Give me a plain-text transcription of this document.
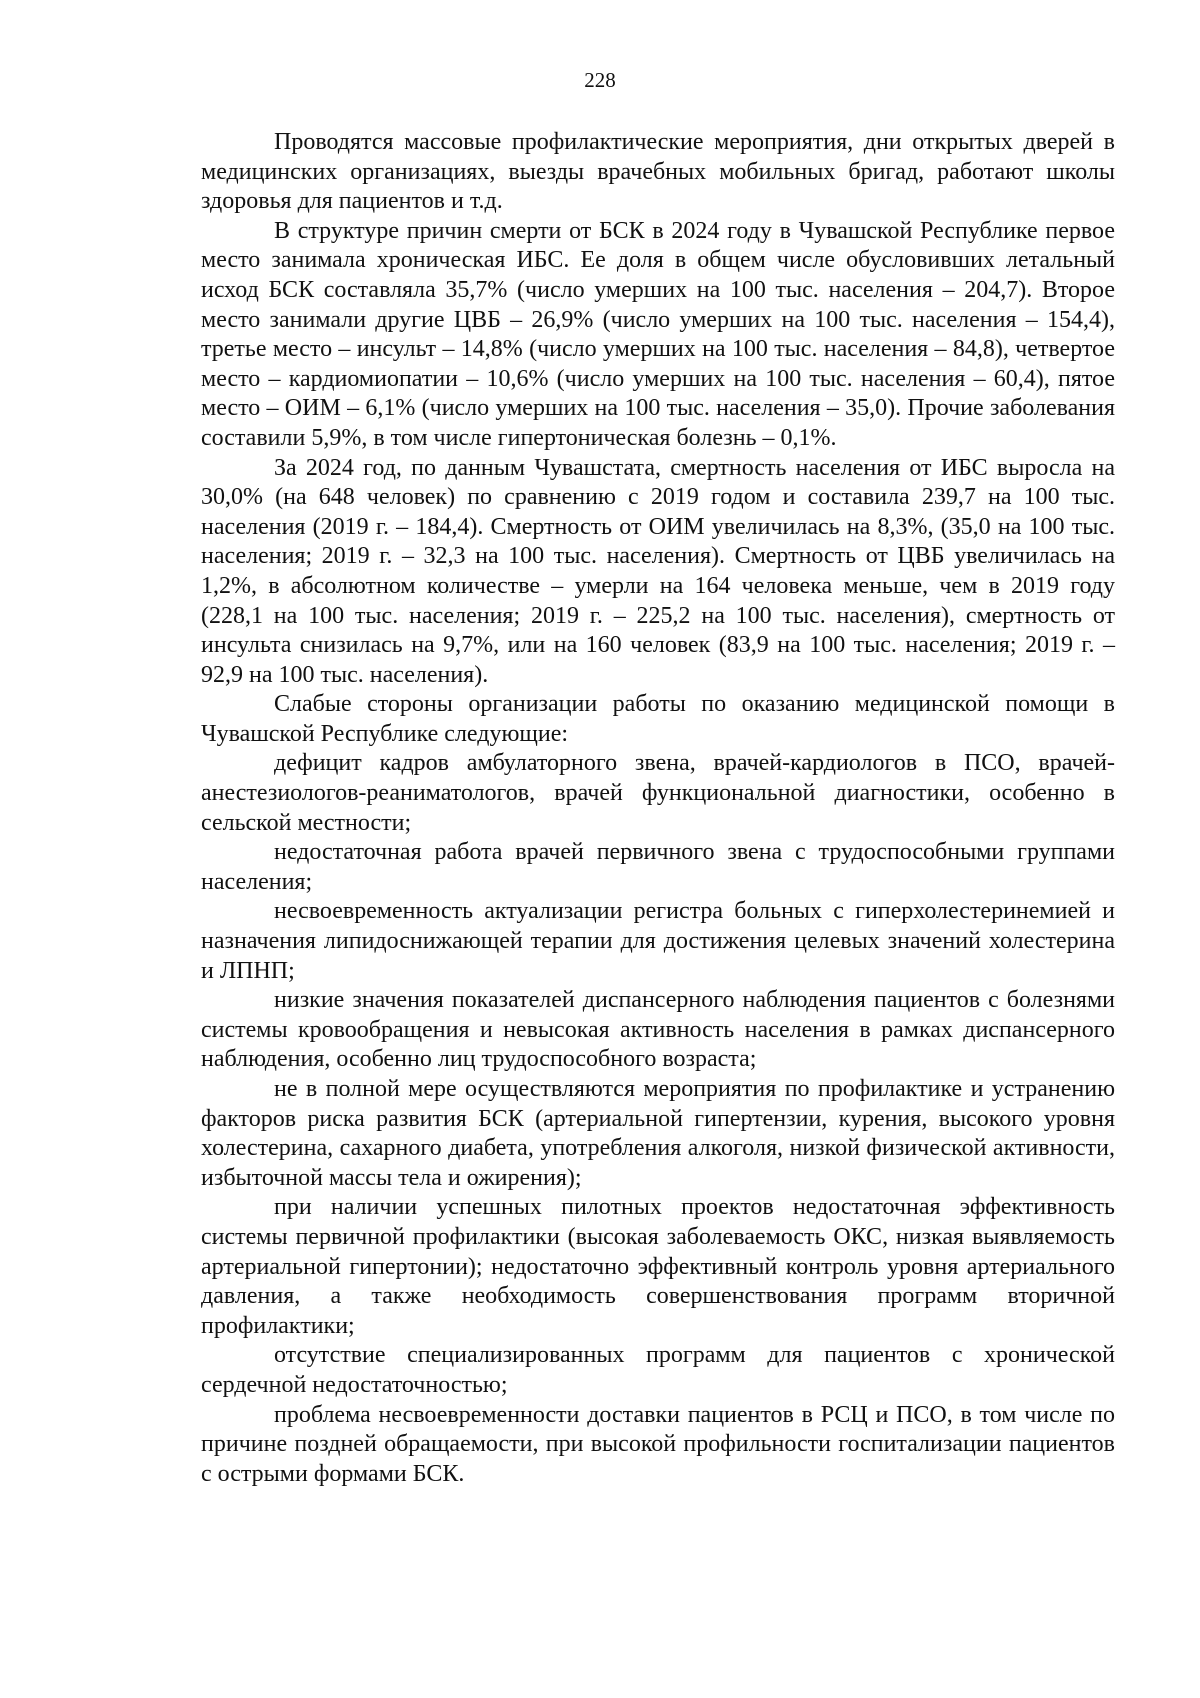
228

Проводятся массовые профилактические мероприятия, дни открытых дверей в медицинских организациях, выезды врачебных мобильных бригад, работают школы здоровья для пациентов и т.д.

В структуре причин смерти от БСК в 2024 году в Чувашской Республике первое место занимала хроническая ИБС. Ее доля в общем числе обусловивших летальный исход БСК составляла 35,7% (число умерших на 100 тыс. населения – 204,7). Второе место занимали другие ЦВБ – 26,9% (число умерших на 100 тыс. населения – 154,4), третье место – инсульт – 14,8% (число умерших на 100 тыс. населения – 84,8), четвертое место – кардиомиопатии – 10,6% (число умерших на 100 тыс. населения – 60,4), пятое место – ОИМ – 6,1% (число умерших на 100 тыс. населения – 35,0). Прочие заболевания составили 5,9%, в том числе гипертоническая болезнь – 0,1%.

За 2024 год, по данным Чувашстата, смертность населения от ИБС выросла на 30,0% (на 648 человек) по сравнению с 2019 годом и составила 239,7 на 100 тыс. населения (2019 г. – 184,4). Смертность от ОИМ увеличилась на 8,3%, (35,0 на 100 тыс. населения; 2019 г. – 32,3 на 100 тыс. населения). Смертность от ЦВБ увеличилась на 1,2%, в абсолютном количестве – умерли на 164 человека меньше, чем в 2019 году (228,1 на 100 тыс. населения; 2019 г. – 225,2 на 100 тыс. населения), смертность от инсульта снизилась на 9,7%, или на 160 человек (83,9 на 100 тыс. населения; 2019 г. – 92,9 на 100 тыс. населения).

Слабые стороны организации работы по оказанию медицинской помощи в Чувашской Республике следующие:

дефицит кадров амбулаторного звена, врачей-кардиологов в ПСО, врачей-анестезиологов-реаниматологов, врачей функциональной диагностики, особенно в сельской местности;

недостаточная работа врачей первичного звена с трудоспособными группами населения;

несвоевременность актуализации регистра больных с гиперхолестеринемией и назначения липидоснижающей терапии для достижения целевых значений холестерина и ЛПНП;

низкие значения показателей диспансерного наблюдения пациентов с болезнями системы кровообращения и невысокая активность населения в рамках диспансерного наблюдения, особенно лиц трудоспособного возраста;

не в полной мере осуществляются мероприятия по профилактике и устранению факторов риска развития БСК (артериальной гипертензии, курения, высокого уровня холестерина, сахарного диабета, употребления алкоголя, низкой физической активности, избыточной массы тела и ожирения);

при наличии успешных пилотных проектов недостаточная эффективность системы первичной профилактики (высокая заболеваемость ОКС, низкая выявляемость артериальной гипертонии); недостаточно эффективный контроль уровня артериального давления, а также необходимость совершенствования программ вторичной профилактики;

отсутствие специализированных программ для пациентов с хронической сердечной недостаточностью;

проблема несвоевременности доставки пациентов в РСЦ и ПСО, в том числе по причине поздней обращаемости, при высокой профильности госпитализации пациентов с острыми формами БСК.
